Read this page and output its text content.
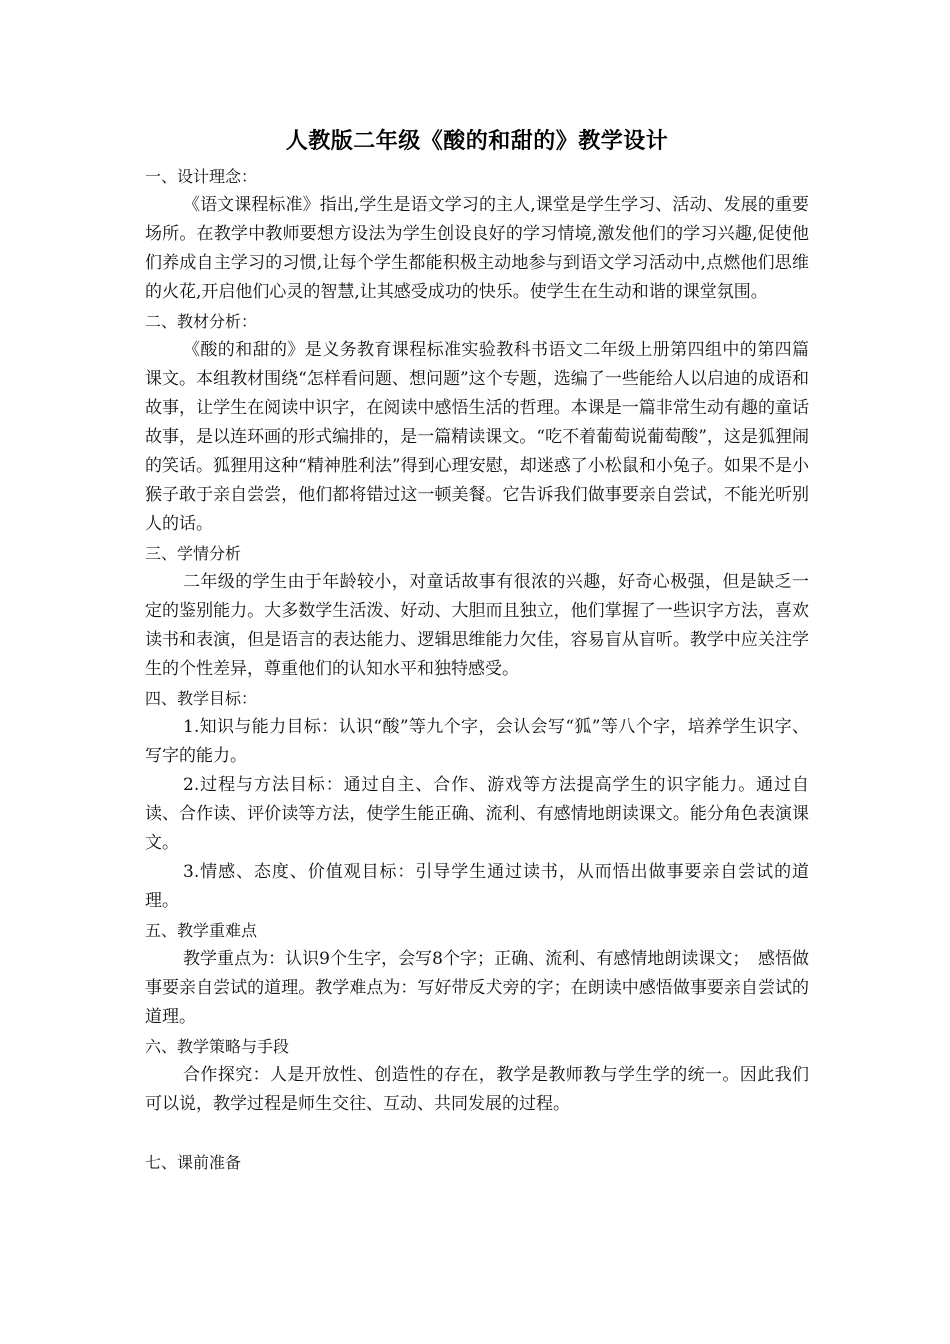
人教版二年级《酸的和甜的》教学设计

一、设计理念：

《语文课程标准》指出,学生是语文学习的主人,课堂是学生学习、活动、发展的重要场所。在教学中教师要想方设法为学生创设良好的学习情境,激发他们的学习兴趣,促使他们养成自主学习的习惯,让每个学生都能积极主动地参与到语文学习活动中,点燃他们思维的火花,开启他们心灵的智慧,让其感受成功的快乐。使学生在生动和谐的课堂氛围。

二、教材分析：

《酸的和甜的》是义务教育课程标准实验教科书语文二年级上册第四组中的第四篇课文。本组教材围绕“怎样看问题、想问题”这个专题，选编了一些能给人以启迪的成语和故事，让学生在阅读中识字，在阅读中感悟生活的哲理。本课是一篇非常生动有趣的童话故事，是以连环画的形式编排的，是一篇精读课文。“吃不着葡萄说葡萄酸”，这是狐狸闹的笑话。狐狸用这种“精神胜利法”得到心理安慰，却迷惑了小松鼠和小兔子。如果不是小猴子敢于亲自尝尝，他们都将错过这一顿美餐。它告诉我们做事要亲自尝试，不能光听别人的话。

三、学情分析

二年级的学生由于年龄较小，对童话故事有很浓的兴趣，好奇心极强，但是缺乏一定的鉴别能力。大多数学生活泼、好动、大胆而且独立，他们掌握了一些识字方法，喜欢读书和表演，但是语言的表达能力、逻辑思维能力欠佳，容易盲从盲听。教学中应关注学生的个性差异，尊重他们的认知水平和独特感受。

四、教学目标：

1.知识与能力目标：认识“酸”等九个字，会认会写“狐”等八个字，培养学生识字、写字的能力。

2.过程与方法目标：通过自主、合作、游戏等方法提高学生的识字能力。通过自读、合作读、评价读等方法，使学生能正确、流利、有感情地朗读课文。能分角色表演课文。

3.情感、态度、价值观目标：引导学生通过读书，从而悟出做事要亲自尝试的道理。

五、教学重难点

教学重点为：认识9个生字，会写8个字；正确、流利、有感情地朗读课文；　感悟做事要亲自尝试的道理。教学难点为：写好带反犬旁的字；在朗读中感悟做事要亲自尝试的道理。

六、教学策略与手段

合作探究：人是开放性、创造性的存在，教学是教师教与学生学的统一。因此我们可以说，教学过程是师生交往、互动、共同发展的过程。

七、课前准备
